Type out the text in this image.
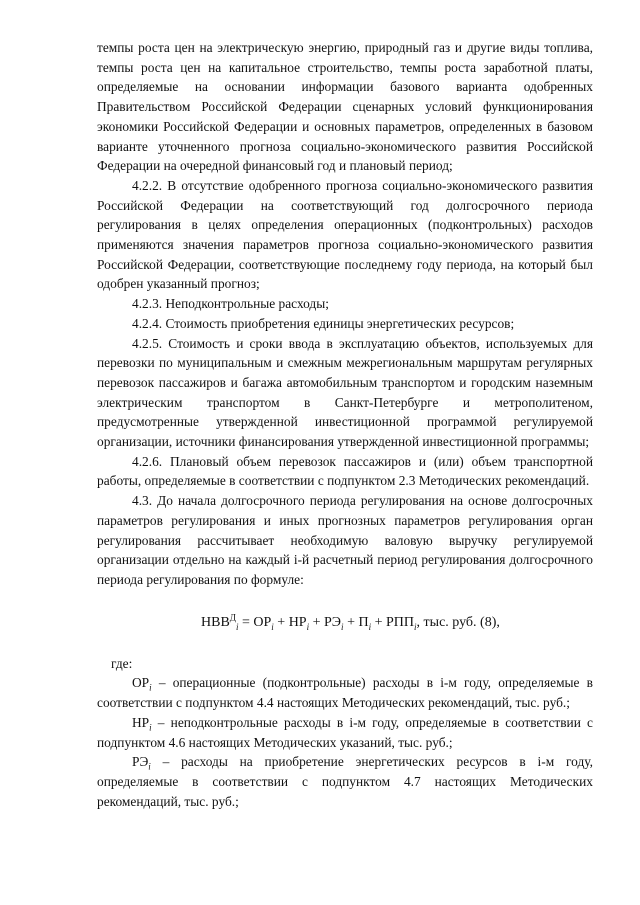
темпы роста цен на электрическую энергию, природный газ и другие виды топлива, темпы роста цен на капитальное строительство, темпы роста заработной платы, определяемые на основании информации базового варианта одобренных Правительством Российской Федерации сценарных условий функционирования экономики Российской Федерации и основных параметров, определенных в базовом варианте уточненного прогноза социально-экономического развития Российской Федерации на очередной финансовый год и плановый период;

4.2.2. В отсутствие одобренного прогноза социально-экономического развития Российской Федерации на соответствующий год долгосрочного периода регулирования в целях определения операционных (подконтрольных) расходов применяются значения параметров прогноза социально-экономического развития Российской Федерации, соответствующие последнему году периода, на который был одобрен указанный прогноз;

4.2.3. Неподконтрольные расходы;

4.2.4. Стоимость приобретения единицы энергетических ресурсов;

4.2.5. Стоимость и сроки ввода в эксплуатацию объектов, используемых для перевозки по муниципальным и смежным межрегиональным маршрутам регулярных перевозок пассажиров и багажа автомобильным транспортом и городским наземным электрическим транспортом в Санкт-Петербурге и метрополитеном, предусмотренные утвержденной инвестиционной программой регулируемой организации, источники финансирования утвержденной инвестиционной программы;

4.2.6. Плановый объем перевозок пассажиров и (или) объем транспортной работы, определяемые в соответствии с подпунктом 2.3 Методических рекомендаций.

4.3. До начала долгосрочного периода регулирования на основе долгосрочных параметров регулирования и иных прогнозных параметров регулирования орган регулирования рассчитывает необходимую валовую выручку регулируемой организации отдельно на каждый i-й расчетный период регулирования долгосрочного периода регулирования по формуле:

$НВВ^Д_i = ОР_i + НР_i + РЭ_i + П_i + РПП_i$, тыс. руб. (8),

где:

$ОР_i$ – операционные (подконтрольные) расходы в i-м году, определяемые в соответствии с подпунктом 4.4 настоящих Методических рекомендаций, тыс. руб.;

$НР_i$ – неподконтрольные расходы в i-м году, определяемые в соответствии с подпунктом 4.6 настоящих Методических указаний, тыс. руб.;

$РЭ_i$ – расходы на приобретение энергетических ресурсов в i-м году, определяемые в соответствии с подпунктом 4.7 настоящих Методических рекомендаций, тыс. руб.;
